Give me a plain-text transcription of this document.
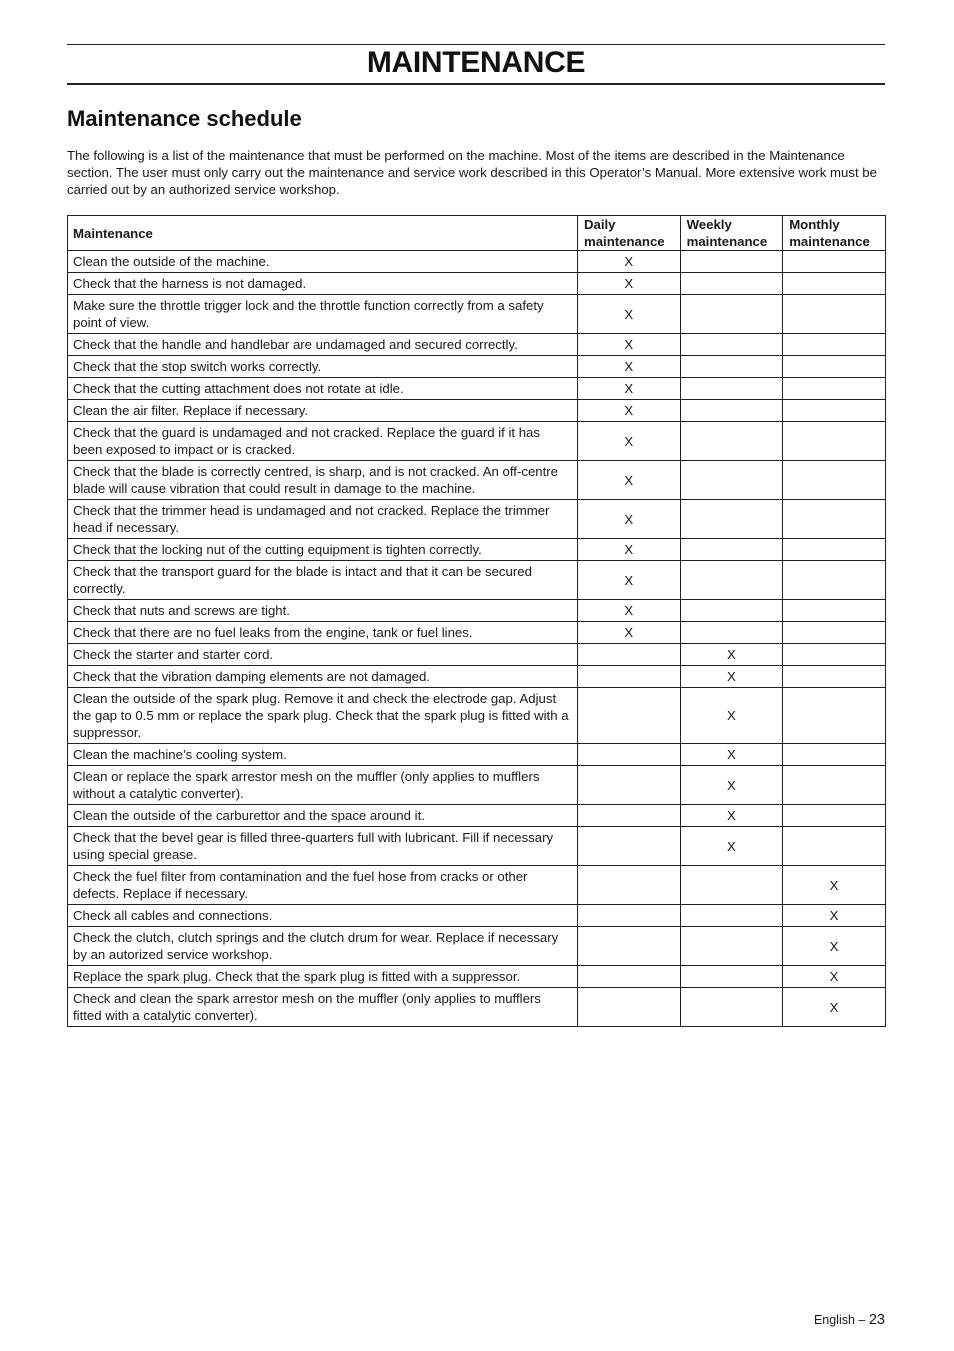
MAINTENANCE
Maintenance schedule

The following is a list of the maintenance that must be performed on the machine. Most of the items are described in the Maintenance section. The user must only carry out the maintenance and service work described in this Operator’s Manual. More extensive work must be carried out by an authorized service workshop.

Maintenance	Daily maintenance	Weekly maintenance	Monthly maintenance
Clean the outside of the machine.	X		
Check that the harness is not damaged.	X		
Make sure the throttle trigger lock and the throttle function correctly from a safety point of view.	X		
Check that the handle and handlebar are undamaged and secured correctly.	X		
Check that the stop switch works correctly.	X		
Check that the cutting attachment does not rotate at idle.	X		
Clean the air filter. Replace if necessary.	X		
Check that the guard is undamaged and not cracked. Replace the guard if it has been exposed to impact or is cracked.	X		
Check that the blade is correctly centred, is sharp, and is not cracked. An off-centre blade will cause vibration that could result in damage to the machine.	X		
Check that the trimmer head is undamaged and not cracked. Replace the trimmer head if necessary.	X		
Check that the locking nut of the cutting equipment is tighten correctly.	X		
Check that the transport guard for the blade is intact and that it can be secured correctly.	X		
Check that nuts and screws are tight.	X		
Check that there are no fuel leaks from the engine, tank or fuel lines.	X		
Check the starter and starter cord.		X	
Check that the vibration damping elements are not damaged.		X	
Clean the outside of the spark plug. Remove it and check the electrode gap. Adjust the gap to 0.5 mm or replace the spark plug. Check that the spark plug is fitted with a suppressor.		X	
Clean the machine’s cooling system.		X	
Clean or replace the spark arrestor mesh on the muffler (only applies to mufflers without a catalytic converter).		X	
Clean the outside of the carburettor and the space around it.		X	
Check that the bevel gear is filled three-quarters full with lubricant. Fill if necessary using special grease.		X	
Check the fuel filter from contamination and the fuel hose from cracks or other defects. Replace if necessary.			X
Check all cables and connections.			X
Check the clutch, clutch springs and the clutch drum for wear. Replace if necessary by an autorized service workshop.			X
Replace the spark plug. Check that the spark plug is fitted with a suppressor.			X
Check and clean the spark arrestor mesh on the muffler (only applies to mufflers fitted with a catalytic converter).			X
English – 23
